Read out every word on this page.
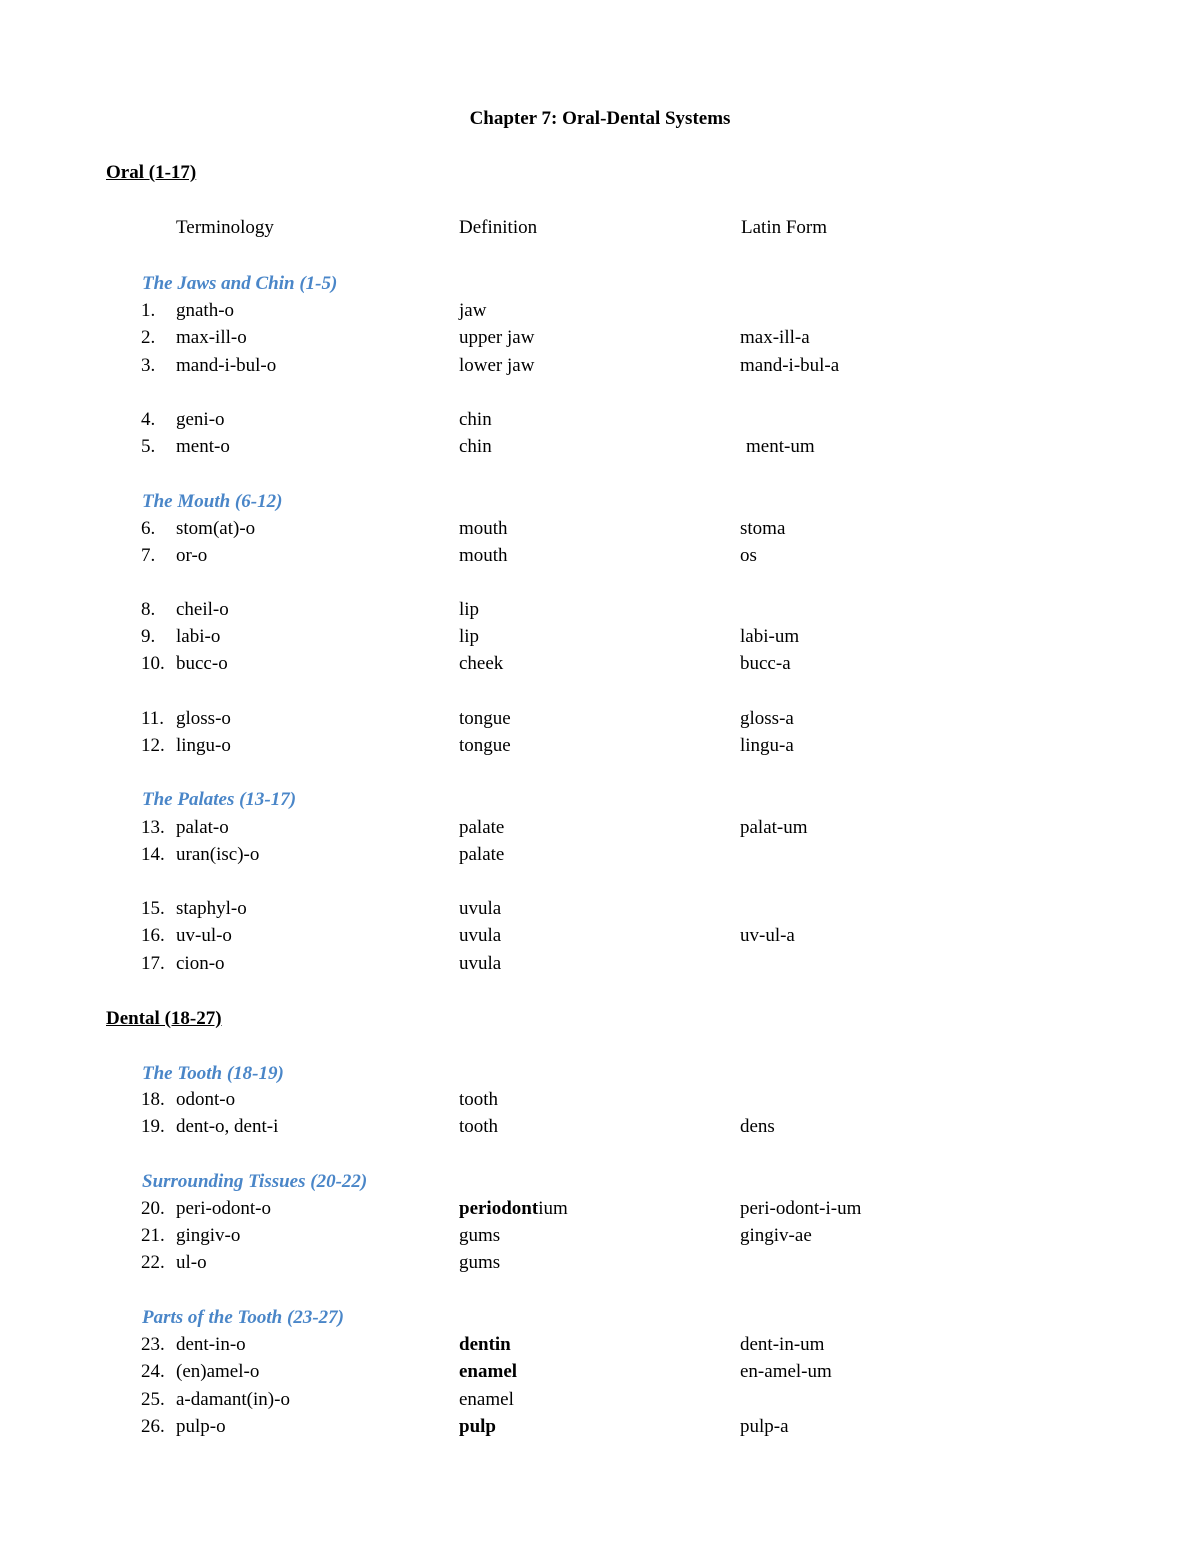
Chapter 7: Oral-Dental Systems
Oral (1-17)
Terminology	Definition	Latin Form
The Jaws and Chin (1-5)
The Mouth (6-12)
The Palates (13-17)
Dental (18-27)
The Tooth (18-19)
Surrounding Tissues (20-22)
Parts of the Tooth (23-27)
1. gnath-o	jaw
2. max-ill-o	upper jaw	max-ill-a
3. mand-i-bul-o	lower jaw	mand-i-bul-a
4. geni-o	chin
5. ment-o	chin	ment-um
6. stom(at)-o	mouth	stoma
7. or-o	mouth	os
8. cheil-o	lip
9. labi-o	lip	labi-um
10. bucc-o	cheek	bucc-a
11. gloss-o	tongue	gloss-a
12. lingu-o	tongue	lingu-a
13. palat-o	palate	palat-um
14. uran(isc)-o	palate
15. staphyl-o	uvula
16. uv-ul-o	uvula	uv-ul-a
17. cion-o	uvula
18. odont-o	tooth
19. dent-o, dent-i	tooth	dens
20. peri-odont-o	periodontium	peri-odont-i-um
21. gingiv-o	gums	gingiv-ae
22. ul-o	gums
23. dent-in-o	dentin	dent-in-um
24. (en)amel-o	enamel	en-amel-um
25. a-damant(in)-o	enamel
26. pulp-o	pulp	pulp-a
